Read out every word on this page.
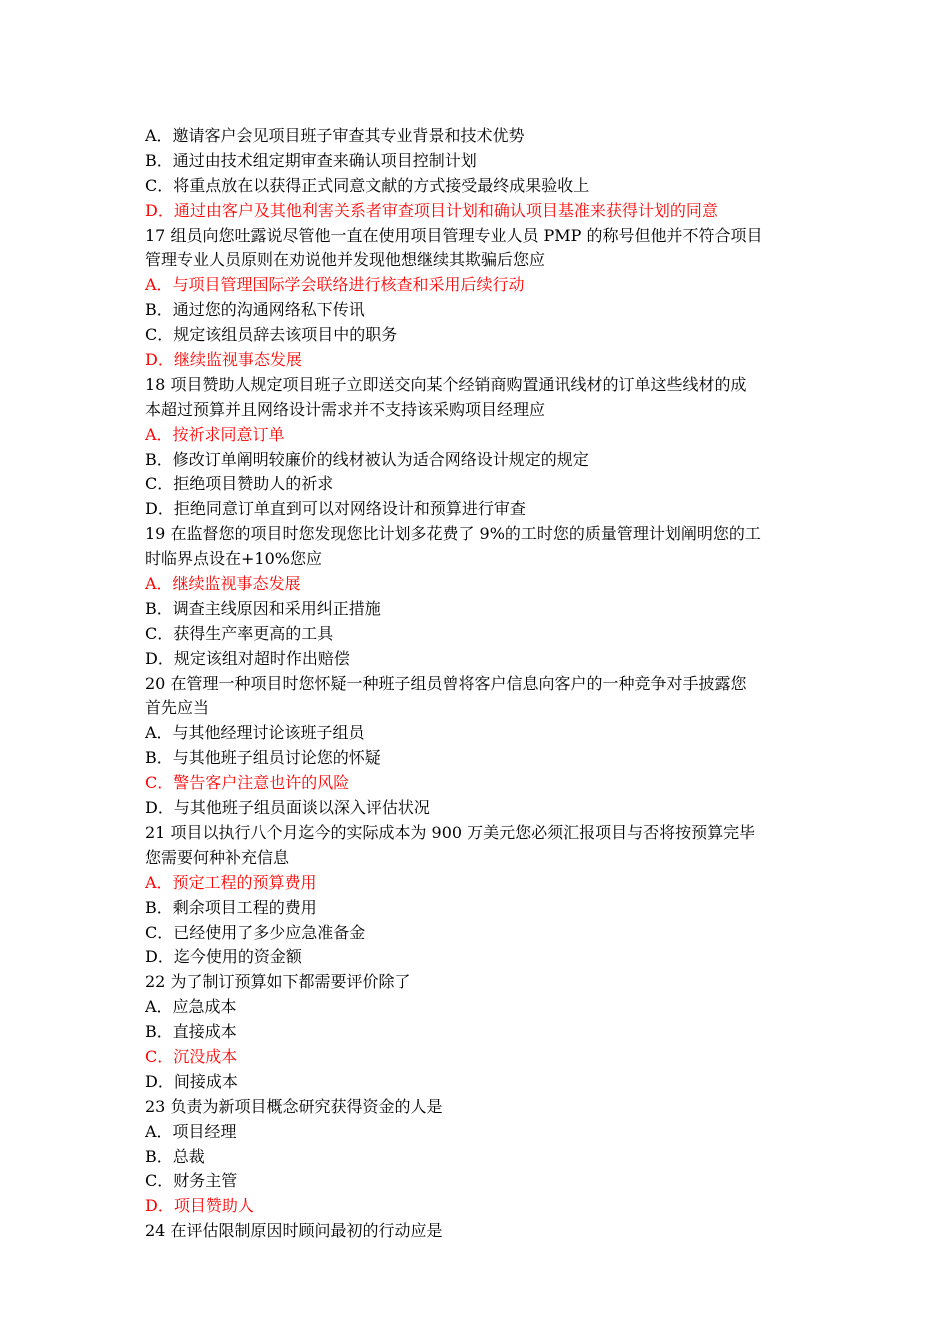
A．邀请客户会见项目班子审查其专业背景和技术优势
B．通过由技术组定期审查来确认项目控制计划
C．将重点放在以获得正式同意文献的方式接受最终成果验收上
D．通过由客户及其他利害关系者审查项目计划和确认项目基准来获得计划的同意
17 组员向您吐露说尽管他一直在使用项目管理专业人员 PMP 的称号但他并不符合项目
管理专业人员原则在劝说他并发现他想继续其欺骗后您应
A．与项目管理国际学会联络进行核查和采用后续行动
B．通过您的沟通网络私下传讯
C．规定该组员辞去该项目中的职务
D．继续监视事态发展
18 项目赞助人规定项目班子立即送交向某个经销商购置通讯线材的订单这些线材的成
本超过预算并且网络设计需求并不支持该采购项目经理应
A．按祈求同意订单
B．修改订单阐明较廉价的线材被认为适合网络设计规定的规定
C．拒绝项目赞助人的祈求
D．拒绝同意订单直到可以对网络设计和预算进行审查
19 在监督您的项目时您发现您比计划多花费了 9%的工时您的质量管理计划阐明您的工
时临界点设在+10%您应
A．继续监视事态发展
B．调查主线原因和采用纠正措施
C．获得生产率更高的工具
D．规定该组对超时作出赔偿
20 在管理一种项目时您怀疑一种班子组员曾将客户信息向客户的一种竞争对手披露您
首先应当
A．与其他经理讨论该班子组员
B．与其他班子组员讨论您的怀疑
C．警告客户注意也许的风险
D．与其他班子组员面谈以深入评估状况
21 项目以执行八个月迄今的实际成本为 900 万美元您必须汇报项目与否将按预算完毕
您需要何种补充信息
A．预定工程的预算费用
B．剩余项目工程的费用
C．已经使用了多少应急准备金
D．迄今使用的资金额
22 为了制订预算如下都需要评价除了
A．应急成本
B．直接成本
C．沉没成本
D．间接成本
23 负责为新项目概念研究获得资金的人是
A．项目经理
B．总裁
C．财务主管
D．项目赞助人
24 在评估限制原因时顾问最初的行动应是
